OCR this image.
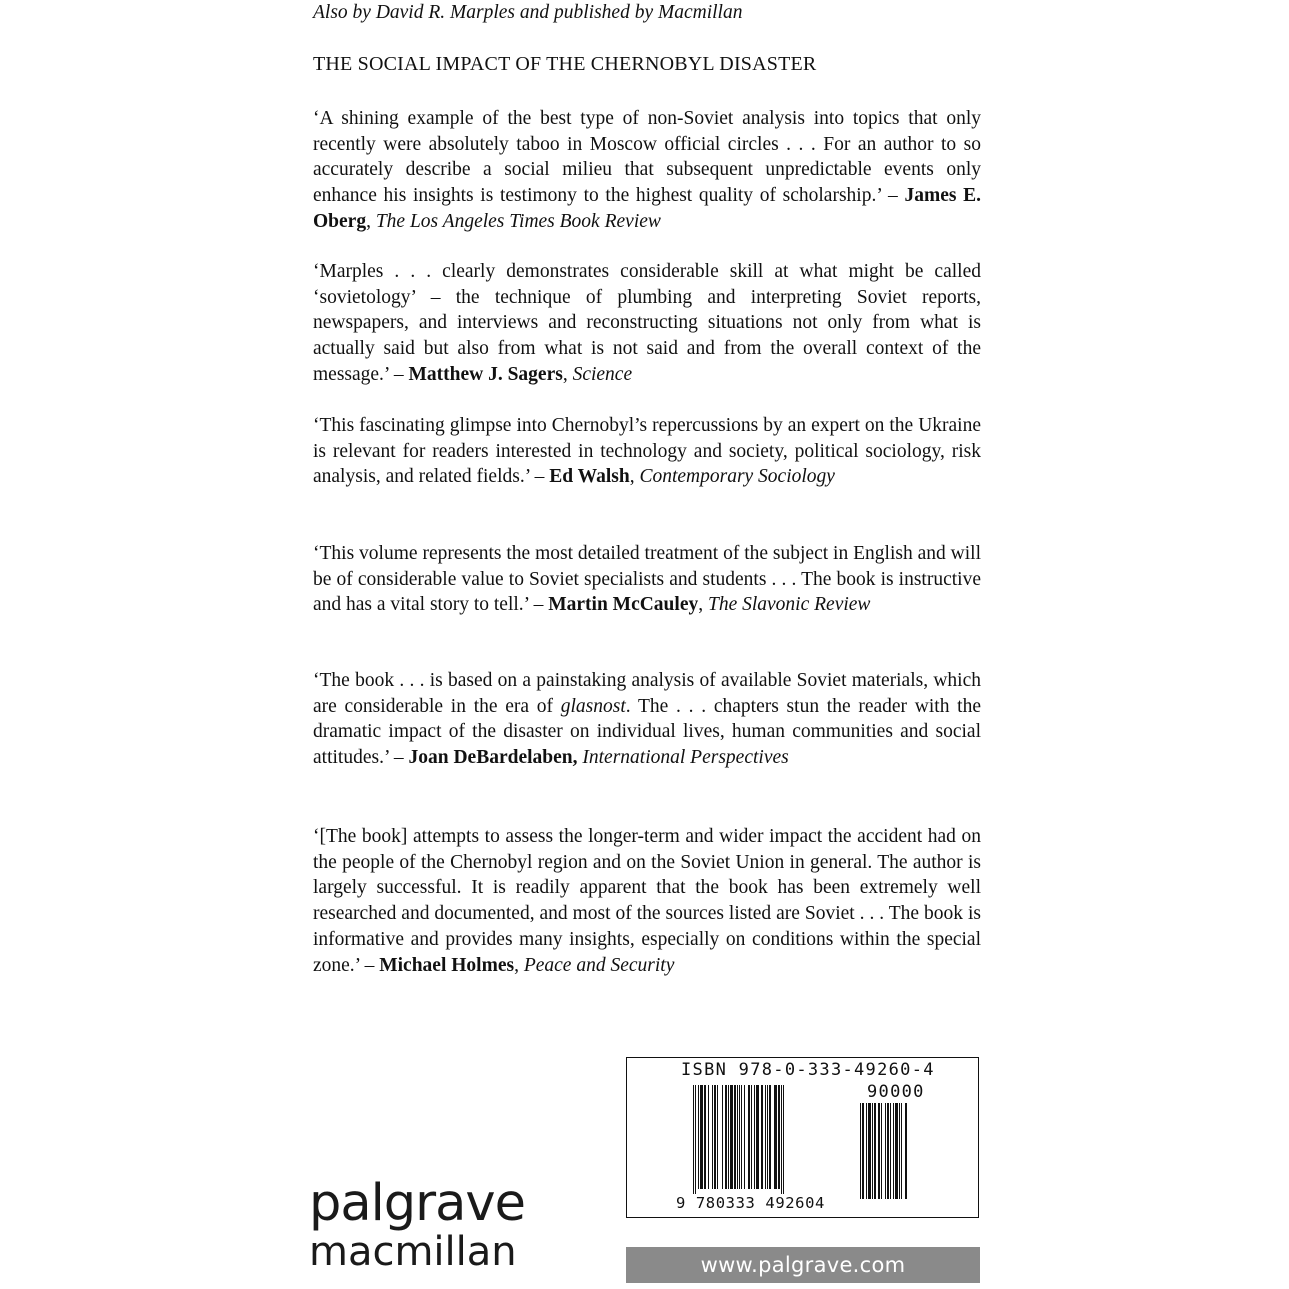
Also by David R. Marples and published by Macmillan
THE SOCIAL IMPACT OF THE CHERNOBYL DISASTER

‘A shining example of the best type of non-Soviet analysis into topics that only recently were absolutely taboo in Moscow official circles . . . For an author to so accurately describe a social milieu that subsequent unpredictable events only enhance his insights is testimony to the highest quality of scholarship.’ – James E. Oberg, The Los Angeles Times Book Review

‘Marples . . . clearly demonstrates considerable skill at what might be called ‘sovietology’ – the technique of plumbing and interpreting Soviet reports, newspapers, and interviews and reconstructing situations not only from what is actually said but also from what is not said and from the overall context of the message.’ – Matthew J. Sagers, Science

‘This fascinating glimpse into Chernobyl’s repercussions by an expert on the Ukraine is relevant for readers interested in technology and society, political sociology, risk analysis, and related fields.’ – Ed Walsh, Contemporary Sociology

‘This volume represents the most detailed treatment of the subject in English and will be of considerable value to Soviet specialists and students . . . The book is instructive and has a vital story to tell.’ – Martin McCauley, The Slavonic Review

‘The book . . . is based on a painstaking analysis of available Soviet materials, which are considerable in the era of glasnost. The . . . chapters stun the reader with the dramatic impact of the disaster on individual lives, human communities and social attitudes.’ – Joan DeBardelaben, International Perspectives

‘[The book] attempts to assess the longer-term and wider impact the accident had on the people of the Chernobyl region and on the Soviet Union in general. The author is largely successful. It is readily apparent that the book has been extremely well researched and documented, and most of the sources listed are Soviet . . . The book is informative and provides many insights, especially on conditions within the special zone.’ – Michael Holmes, Peace and Security

ISBN 978-0-333-49260-4
90000
9 780333 492604
palgrave
macmillan	www.palgrave.com
